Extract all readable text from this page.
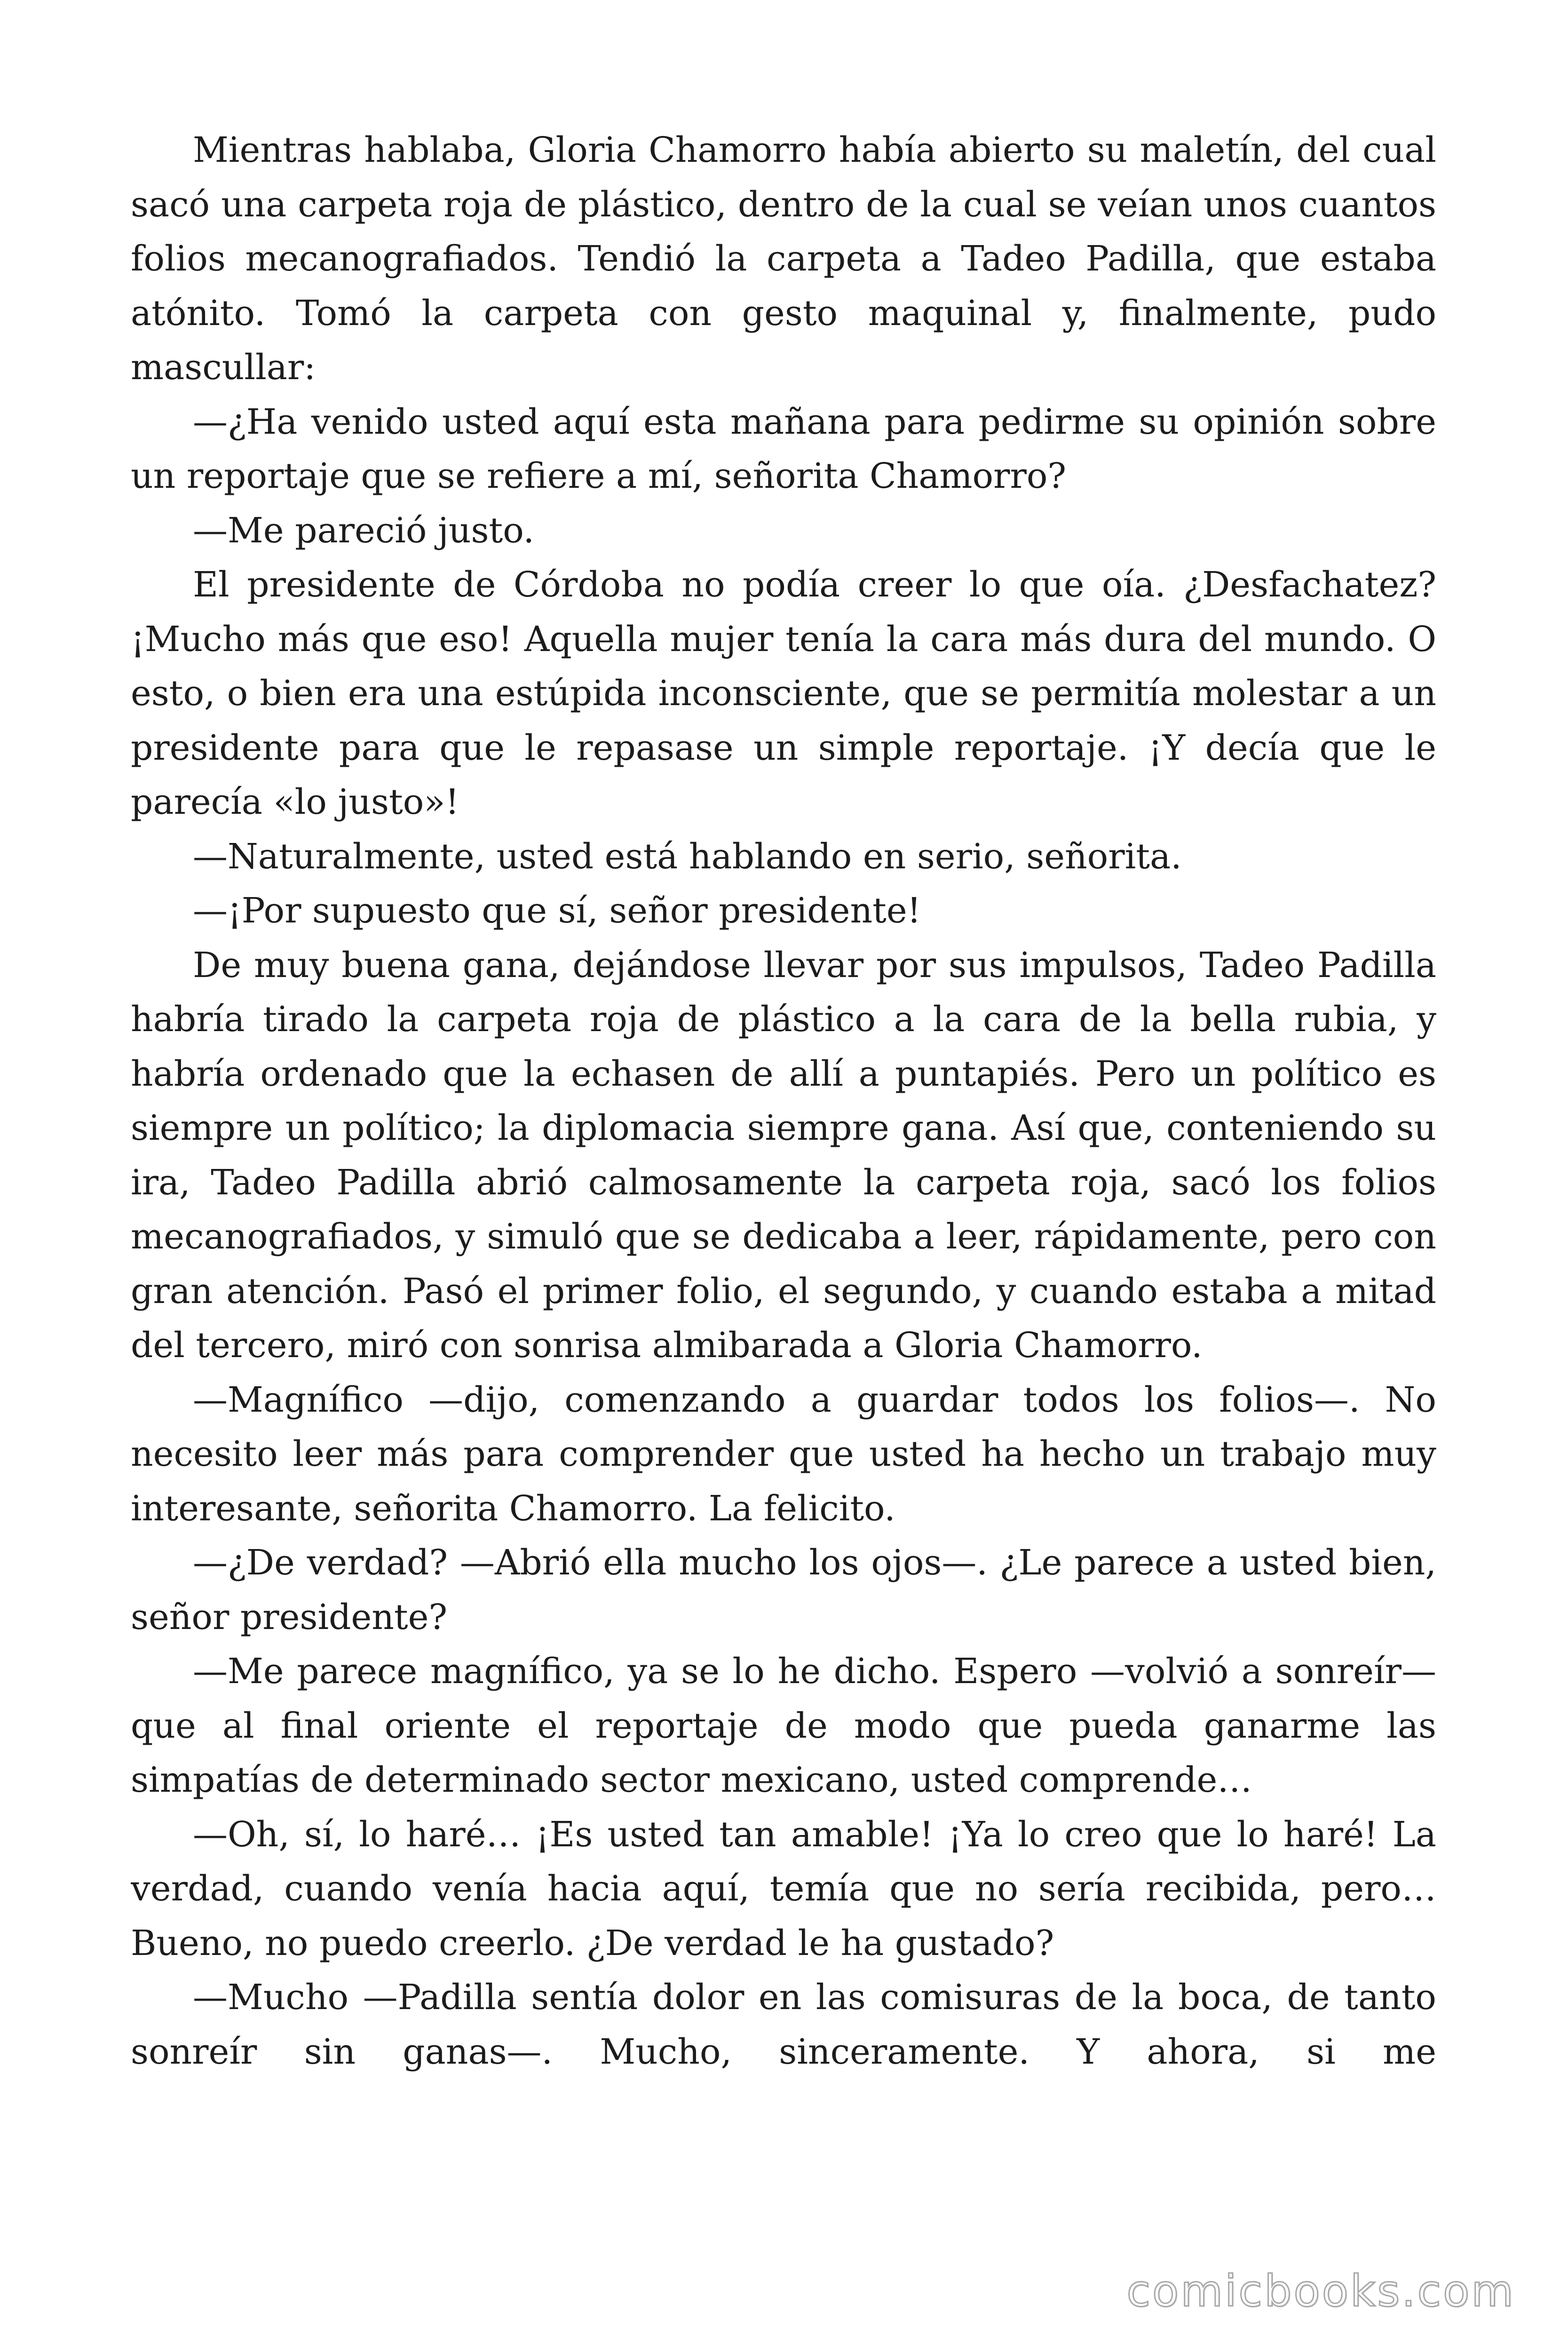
Mientras hablaba, Gloria Chamorro había abierto su maletín, del cual sacó una carpeta roja de plástico, dentro de la cual se veían unos cuantos folios mecanografiados. Tendió la carpeta a Tadeo Padilla, que estaba atónito. Tomó la carpeta con gesto maquinal y, finalmente, pudo mascullar:

—¿Ha venido usted aquí esta mañana para pedirme su opinión sobre un reportaje que se refiere a mí, señorita Chamorro?

—Me pareció justo.

El presidente de Córdoba no podía creer lo que oía. ¿Desfachatez? ¡Mucho más que eso! Aquella mujer tenía la cara más dura del mundo. O esto, o bien era una estúpida inconsciente, que se permitía molestar a un presidente para que le repasase un simple reportaje. ¡Y decía que le parecía «lo justo»!

—Naturalmente, usted está hablando en serio, señorita.

—¡Por supuesto que sí, señor presidente!

De muy buena gana, dejándose llevar por sus impulsos, Tadeo Padilla habría tirado la carpeta roja de plástico a la cara de la bella rubia, y habría ordenado que la echasen de allí a puntapiés. Pero un político es siempre un político; la diplomacia siempre gana. Así que, conteniendo su ira, Tadeo Padilla abrió calmosamente la carpeta roja, sacó los folios mecanografiados, y simuló que se dedicaba a leer, rápidamente, pero con gran atención. Pasó el primer folio, el segundo, y cuando estaba a mitad del tercero, miró con sonrisa almibarada a Gloria Chamorro.

—Magnífico —dijo, comenzando a guardar todos los folios—. No necesito leer más para comprender que usted ha hecho un trabajo muy interesante, señorita Chamorro. La felicito.

—¿De verdad? —Abrió ella mucho los ojos—. ¿Le parece a usted bien, señor presidente?

—Me parece magnífico, ya se lo he dicho. Espero —volvió a sonreír— que al final oriente el reportaje de modo que pueda ganarme las simpatías de determinado sector mexicano, usted comprende…

—Oh, sí, lo haré… ¡Es usted tan amable! ¡Ya lo creo que lo haré! La verdad, cuando venía hacia aquí, temía que no sería recibida, pero… Bueno, no puedo creerlo. ¿De verdad le ha gustado?

—Mucho —Padilla sentía dolor en las comisuras de la boca, de tanto sonreír sin ganas—. Mucho, sinceramente. Y ahora, si me

comicbooks.com
